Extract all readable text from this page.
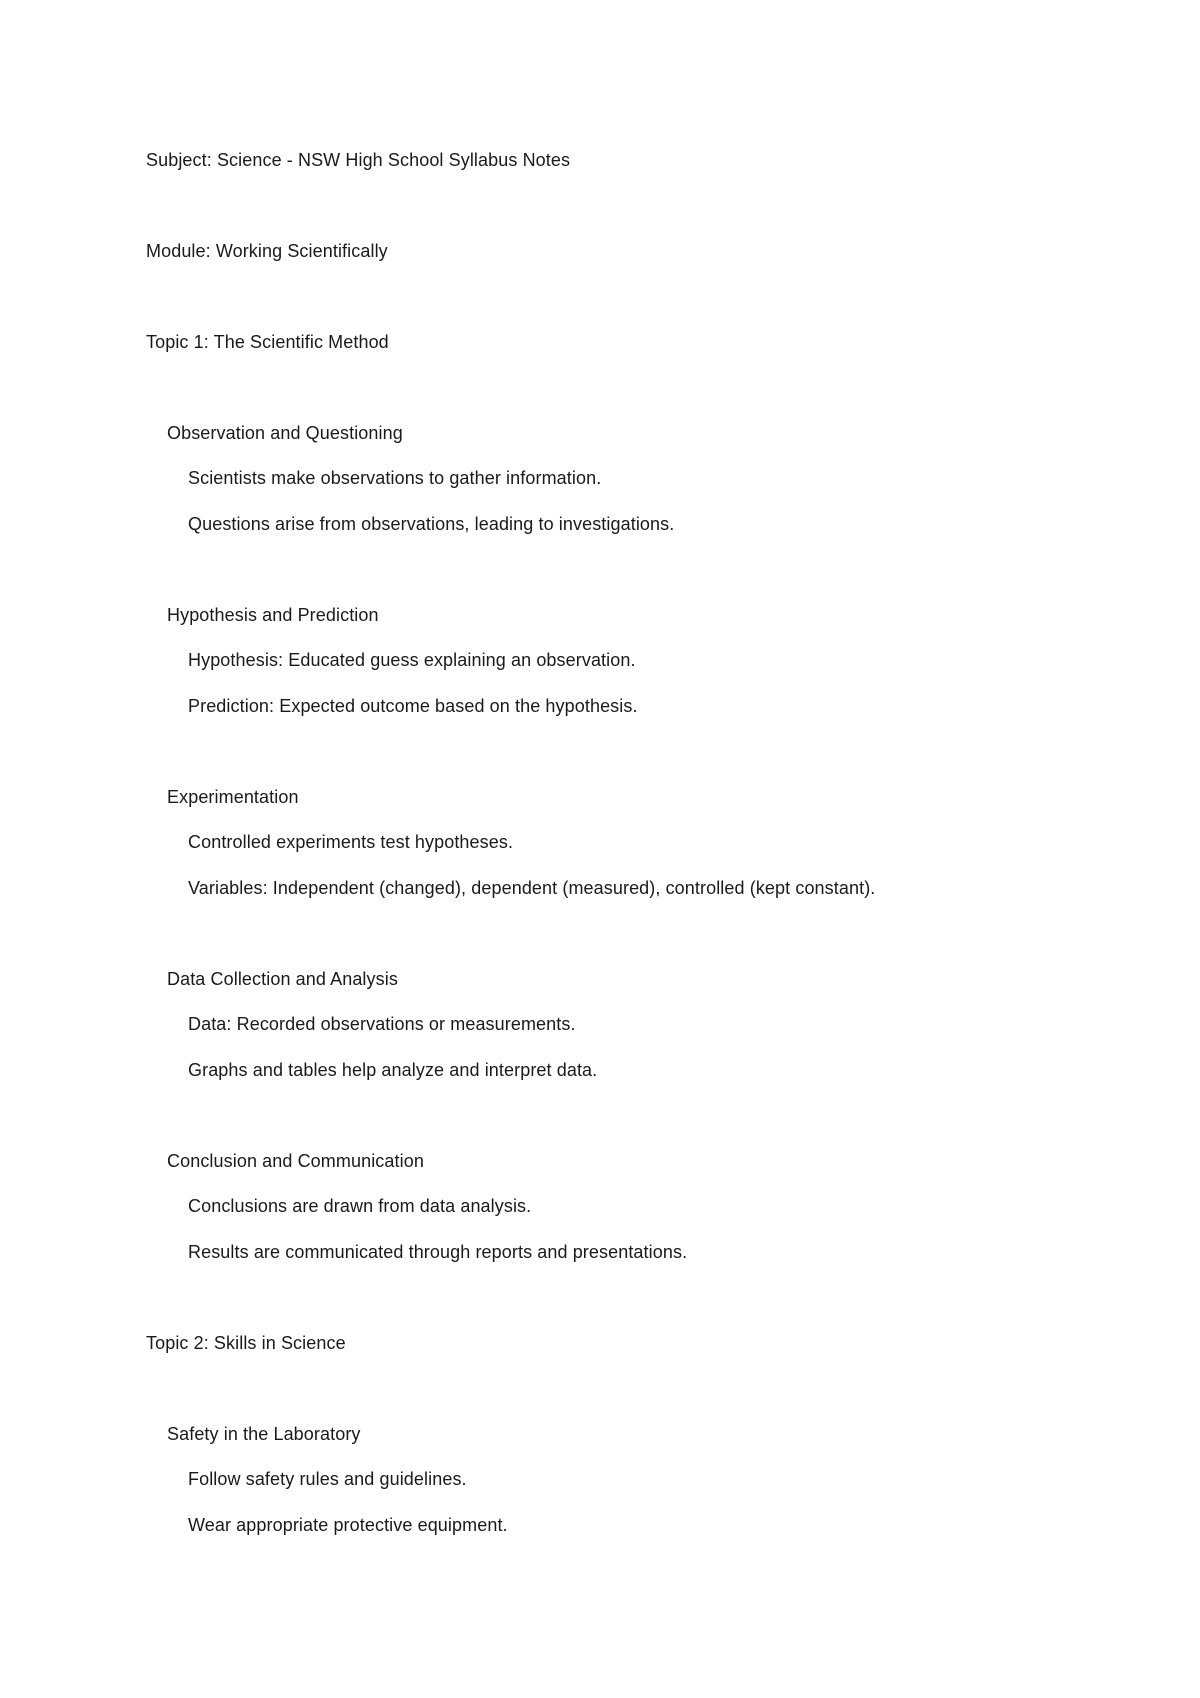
Subject: Science - NSW High School Syllabus Notes
Module: Working Scientifically
Topic 1: The Scientific Method
Observation and Questioning
Scientists make observations to gather information.
Questions arise from observations, leading to investigations.
Hypothesis and Prediction
Hypothesis: Educated guess explaining an observation.
Prediction: Expected outcome based on the hypothesis.
Experimentation
Controlled experiments test hypotheses.
Variables: Independent (changed), dependent (measured), controlled (kept constant).
Data Collection and Analysis
Data: Recorded observations or measurements.
Graphs and tables help analyze and interpret data.
Conclusion and Communication
Conclusions are drawn from data analysis.
Results are communicated through reports and presentations.
Topic 2: Skills in Science
Safety in the Laboratory
Follow safety rules and guidelines.
Wear appropriate protective equipment.
